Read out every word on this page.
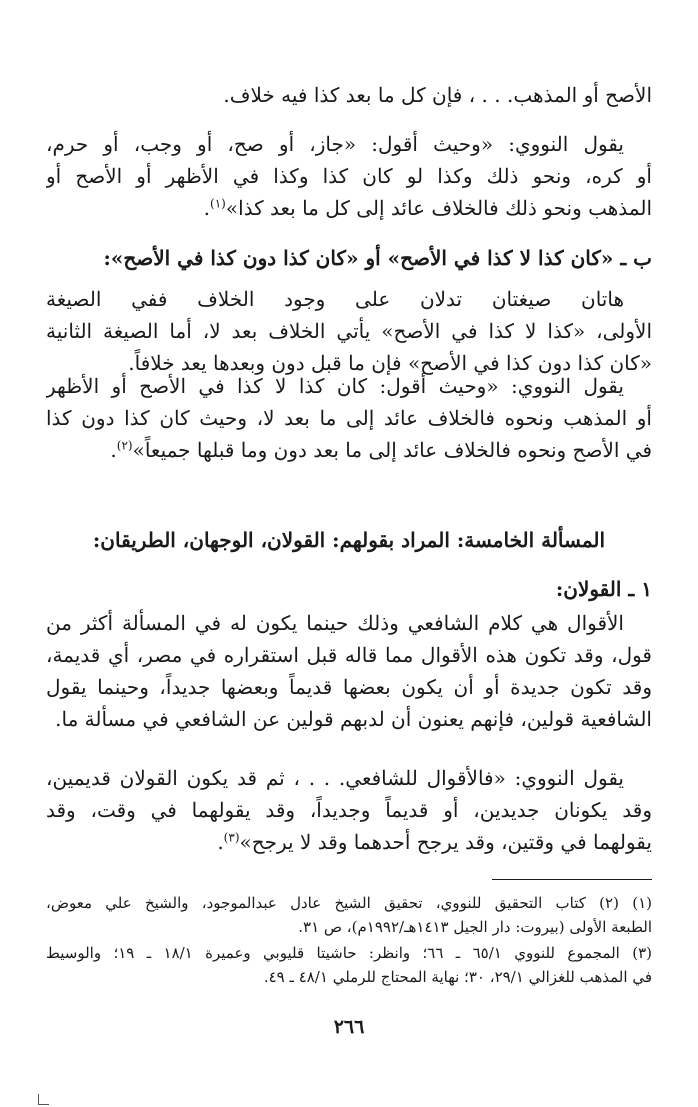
الأصح أو المذهب. . . ، فإن كل ما بعد كذا فيه خلاف.
يقول النووي: «وحيث أقول: «جاز، أو صح، أو وجب، أو حرم،
أو كره، ونحو ذلك وكذا لو كان كذا وكذا في الأظهر أو الأصح أو
المذهب ونحو ذلك فالخلاف عائد إلى كل ما بعد كذا»$^{(١)}$.
ب ـ «كان كذا لا كذا في الأصح» أو «كان كذا دون كذا في الأصح»:
هاتان صيغتان تدلان على وجود الخلاف ففي الصيغة
الأولى، «كذا لا كذا في الأصح» يأتي الخلاف بعد لا، أما الصيغة الثانية
«كان كذا دون كذا في الأصح» فإن ما قبل دون وبعدها يعد خلافاً.
يقول النووي: «وحيث أقول: كان كذا لا كذا في الأصح أو الأظهر
أو المذهب ونحوه فالخلاف عائد إلى ما بعد لا، وحيث كان كذا دون كذا
في الأصح ونحوه فالخلاف عائد إلى ما بعد دون وما قبلها جميعاً»$^{(٢)}$.
المسألة الخامسة: المراد بقولهم: القولان، الوجهان، الطريقان:
١ ـ القولان:
الأقوال هي كلام الشافعي وذلك حينما يكون له في المسألة أكثر من
قول، وقد تكون هذه الأقوال مما قاله قبل استقراره في مصر، أي قديمة،
وقد تكون جديدة أو أن يكون بعضها قديماً وبعضها جديداً، وحينما يقول
الشافعية قولين، فإنهم يعنون أن لدبهم قولين عن الشافعي في مسألة ما.
يقول النووي: «فالأقوال للشافعي. . . ، ثم قد يكون القولان قديمين،
وقد يكونان جديدين، أو قديماً وجديداً، وقد يقولهما في وقت، وقد
يقولهما في وقتين، وقد يرجح أحدهما وقد لا يرجح»$^{(٣)}$.
(١) (٢) كتاب التحقيق للنووي، تحقيق الشيخ عادل عبدالموجود، والشيخ علي معوض،
الطبعة الأولى (بيروت: دار الجيل ١٤١٣هـ/١٩٩٢م)، ص ٣١.
(٣) المجموع للنووي ٦٥/١ ـ ٦٦؛ وانظر: حاشيتا قليوبي وعميرة ١٨/١ ـ ١٩؛ والوسيط
في المذهب للغزالي ٢٩/١، ٣٠؛ نهاية المحتاج للرملي ٤٨/١ ـ ٤٩.
٢٦٦
